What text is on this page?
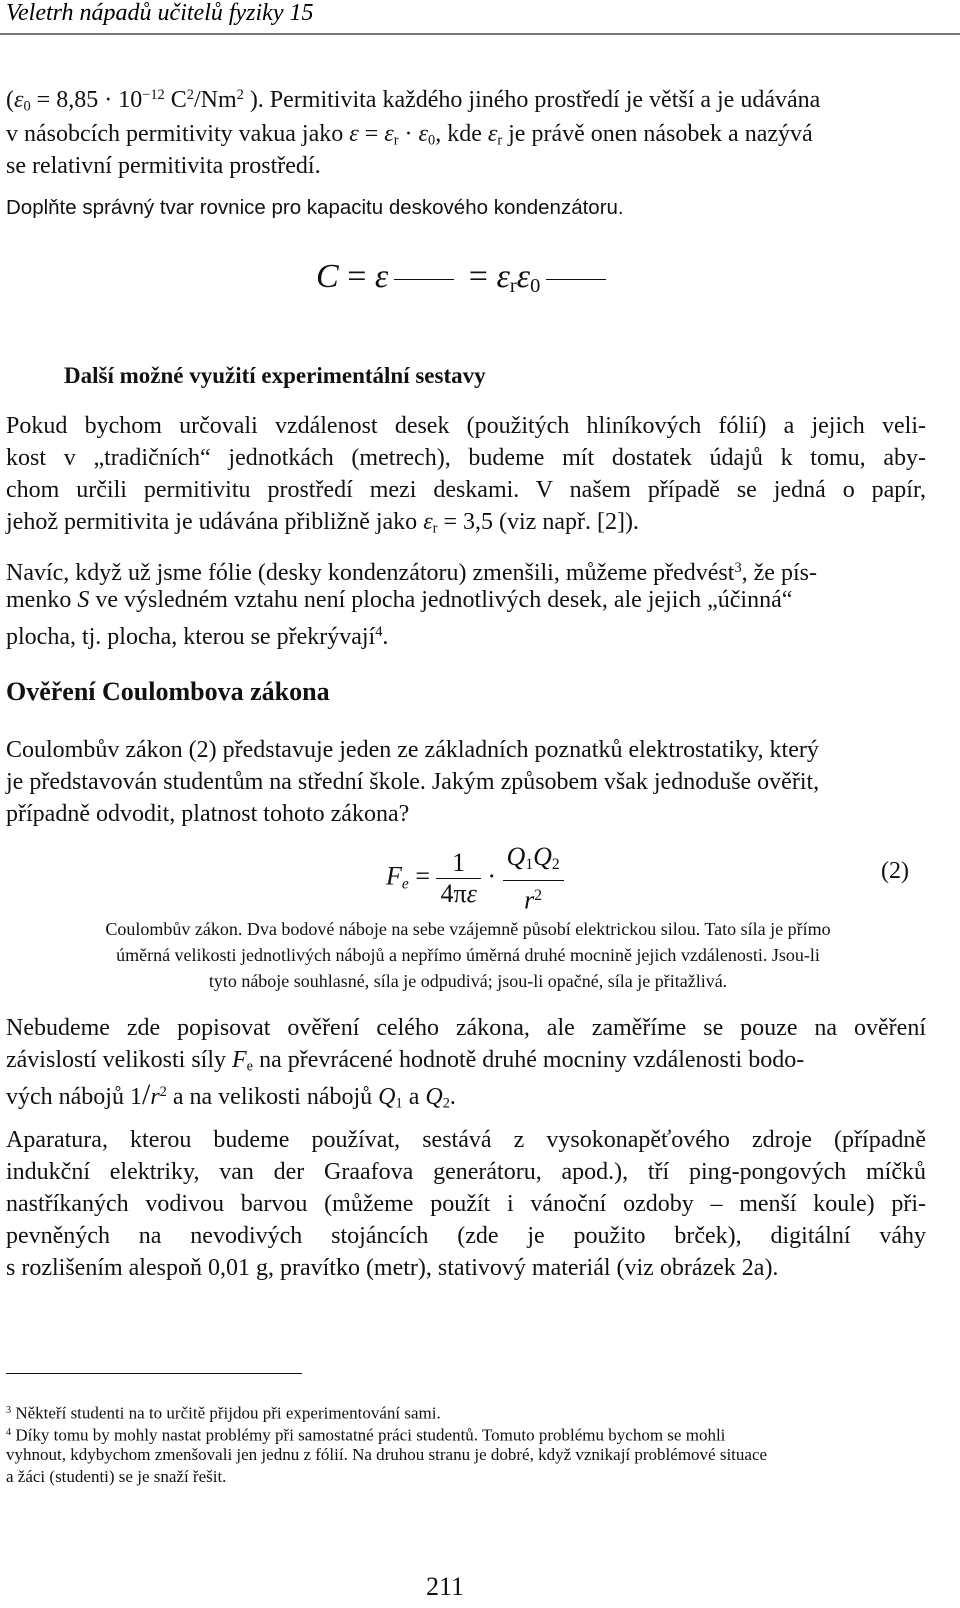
Veletrh nápadů učitelů fyziky 15
($\varepsilon_0 = 8,85 \cdot 10^{-12}$ $C^2/Nm^2$ ). Permitivita každého jiného prostředí je větší a je udávána
v násobcích permitivity vakua jako $\varepsilon = \varepsilon_r \cdot \varepsilon_0$, kde $\varepsilon_r$ je právě onen násobek a nazývá
se relativní permitivita prostředí.
Doplňte správný tvar rovnice pro kapacitu deskového kondenzátoru.
$C = \varepsilon = \varepsilon_r\varepsilon_0$
Další možné využití experimentální sestavy
Pokud bychom určovali vzdálenost desek (použitých hliníkových fólií) a jejich veli-
kost v „tradičních“ jednotkách (metrech), budeme mít dostatek údajů k tomu, aby-
chom určili permitivitu prostředí mezi deskami. V našem případě se jedná o papír,
jehož permitivita je udávána přibližně jako $\varepsilon_r = 3,5$ (viz např. [2]).
Navíc, když už jsme fólie (desky kondenzátoru) zmenšili, můžeme předvést$^3$, že pís-
menko S ve výsledném vztahu není plocha jednotlivých desek, ale jejich „účinná“
plocha, tj. plocha, kterou se překrývají$^4$.
Ověření Coulombova zákona
Coulombův zákon (2) představuje jeden ze základních poznatků elektrostatiky, který
je představován studentům na střední škole. Jakým způsobem však jednoduše ověřit,
případně odvodit, platnost tohoto zákona?
$F_e = \frac{1}{4\pi\varepsilon} \cdot \frac{Q_1Q_2}{r^2}$	(2)
Coulombův zákon. Dva bodové náboje na sebe vzájemně působí elektrickou silou. Tato síla je přímo
úměrná velikosti jednotlivých nábojů a nepřímo úměrná druhé mocnině jejich vzdálenosti. Jsou-li
tyto náboje souhlasné, síla je odpudivá; jsou-li opačné, síla je přitažlivá.
Nebudeme zde popisovat ověření celého zákona, ale zaměříme se pouze na ověření
závislostí velikosti síly $F_e$ na převrácené hodnotě druhé mocniny vzdálenosti bodo-
vých nábojů $1/r^2$ a na velikosti nábojů $Q_1$ a $Q_2$.
Aparatura, kterou budeme používat, sestává z vysokonapěťového zdroje (případně
indukční elektriky, van der Graafova generátoru, apod.), tří ping-pongových míčků
nastříkaných vodivou barvou (můžeme použít i vánoční ozdoby – menší koule) při-
pevněných na nevodivých stojáncích (zde je použito brček), digitální váhy
s rozlišením alespoň 0,01 g, pravítko (metr), stativový materiál (viz obrázek 2a).
$^3$ Někteří studenti na to určitě přijdou při experimentování sami.
$^4$ Díky tomu by mohly nastat problémy při samostatné práci studentů. Tomuto problému bychom se mohli
vyhnout, kdybychom zmenšovali jen jednu z fólií. Na druhou stranu je dobré, když vznikají problémové situace
a žáci (studenti) se je snaží řešit.
211
